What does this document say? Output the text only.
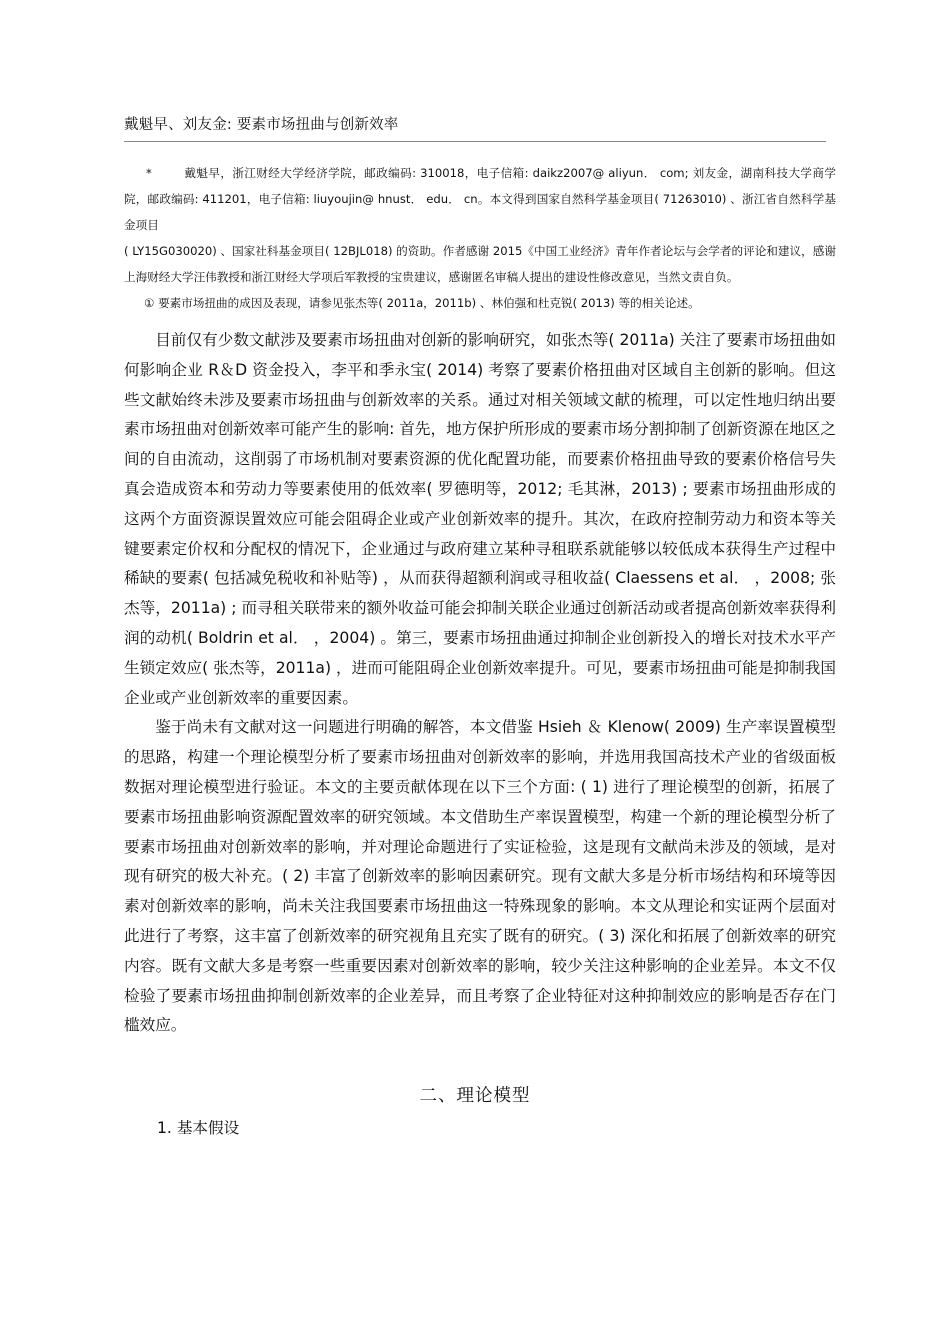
戴魁早、刘友金: 要素市场扭曲与创新效率

*	戴魁早，浙江财经大学经济学院，邮政编码: 310018，电子信箱: daikz2007@ aliyun． com; 刘友金，湖南科技大学商学院，邮政编码: 411201，电子信箱: liuyoujin@ hnust． edu． cn。本文得到国家自然科学基金项目( 71263010) 、浙江省自然科学基金项目

( LY15G030020) 、国家社科基金项目( 12BJL018) 的资助。作者感谢 2015《中国工业经济》青年作者论坛与会学者的评论和建议，感谢上海财经大学汪伟教授和浙江财经大学项后军教授的宝贵建议，感谢匿名审稿人提出的建设性修改意见，当然文责自负。

① 要素市场扭曲的成因及表现，请参见张杰等( 2011a，2011b) 、林伯强和杜克锐( 2013) 等的相关论述。

目前仅有少数文献涉及要素市场扭曲对创新的影响研究，如张杰等( 2011a) 关注了要素市场扭曲如何影响企业 R＆D 资金投入，李平和季永宝( 2014) 考察了要素价格扭曲对区域自主创新的影响。但这些文献始终未涉及要素市场扭曲与创新效率的关系。通过对相关领域文献的梳理，可以定性地归纳出要素市场扭曲对创新效率可能产生的影响: 首先，地方保护所形成的要素市场分割抑制了创新资源在地区之间的自由流动，这削弱了市场机制对要素资源的优化配置功能，而要素价格扭曲导致的要素价格信号失真会造成资本和劳动力等要素使用的低效率( 罗德明等，2012; 毛其淋，2013) ; 要素市场扭曲形成的这两个方面资源误置效应可能会阻碍企业或产业创新效率的提升。其次，在政府控制劳动力和资本等关键要素定价权和分配权的情况下，企业通过与政府建立某种寻租联系就能够以较低成本获得生产过程中稀缺的要素( 包括减免税收和补贴等) ，从而获得超额利润或寻租收益( Claessens et al． ，2008; 张杰等，2011a) ; 而寻租关联带来的额外收益可能会抑制关联企业通过创新活动或者提高创新效率获得利润的动机( Boldrin et al． ，2004) 。第三，要素市场扭曲通过抑制企业创新投入的增长对技术水平产生锁定效应( 张杰等，2011a) ，进而可能阻碍企业创新效率提升。可见，要素市场扭曲可能是抑制我国企业或产业创新效率的重要因素。

鉴于尚未有文献对这一问题进行明确的解答，本文借鉴 Hsieh ＆ Klenow( 2009) 生产率误置模型的思路，构建一个理论模型分析了要素市场扭曲对创新效率的影响，并选用我国高技术产业的省级面板数据对理论模型进行验证。本文的主要贡献体现在以下三个方面: ( 1) 进行了理论模型的创新，拓展了要素市场扭曲影响资源配置效率的研究领域。本文借助生产率误置模型，构建一个新的理论模型分析了要素市场扭曲对创新效率的影响，并对理论命题进行了实证检验，这是现有文献尚未涉及的领域，是对现有研究的极大补充。( 2) 丰富了创新效率的影响因素研究。现有文献大多是分析市场结构和环境等因素对创新效率的影响，尚未关注我国要素市场扭曲这一特殊现象的影响。本文从理论和实证两个层面对此进行了考察，这丰富了创新效率的研究视角且充实了既有的研究。( 3) 深化和拓展了创新效率的研究内容。既有文献大多是考察一些重要因素对创新效率的影响，较少关注这种影响的企业差异。本文不仅检验了要素市场扭曲抑制创新效率的企业差异，而且考察了企业特征对这种抑制效应的影响是否存在门槛效应。

二、理论模型
1. 基本假设
